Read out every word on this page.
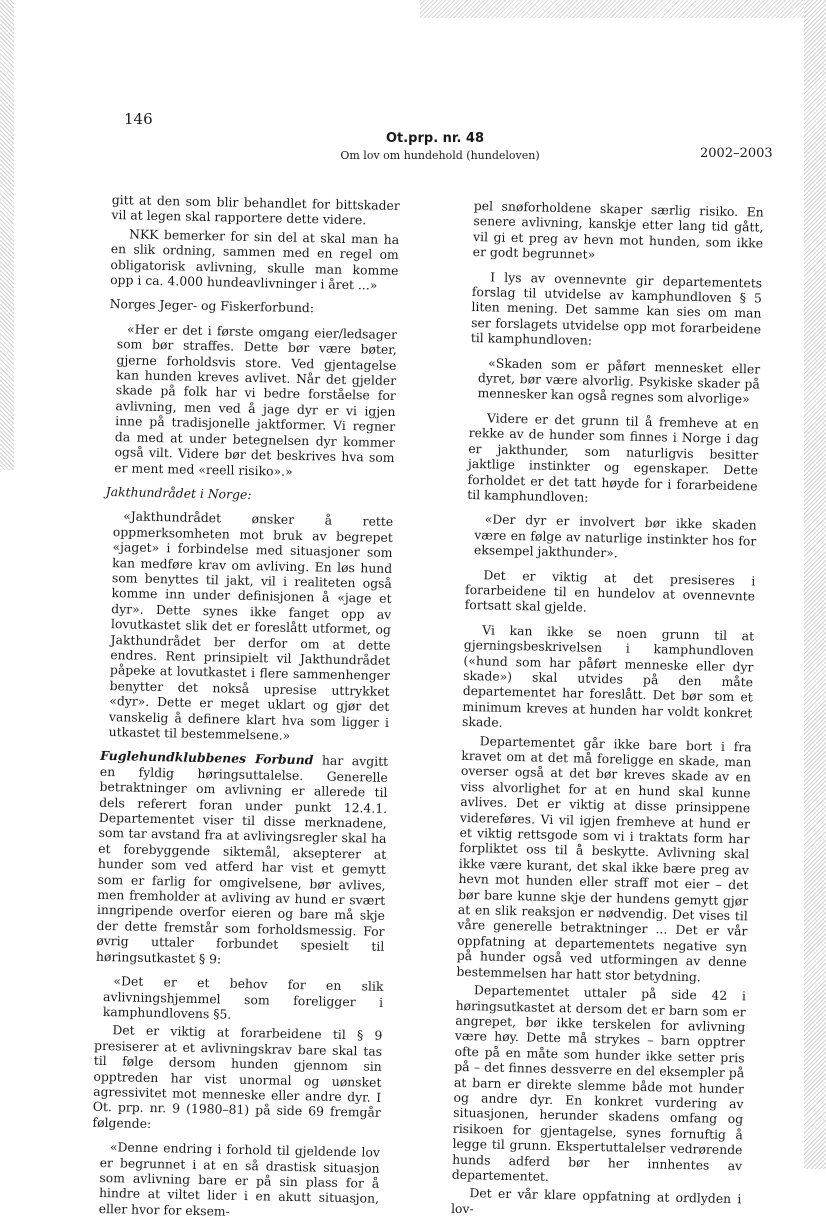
146
Ot.prp. nr. 48
Om lov om hundehold (hundeloven)	2002–2003

gitt at den som blir behandlet for bittskader vil at legen skal rapportere dette videre.

NKK bemerker for sin del at skal man ha en slik ordning, sammen med en regel om obligatorisk avlivning, skulle man komme opp i ca. 4.000 hundeavlivninger i året ...»

Norges Jeger- og Fiskerforbund:

«Her er det i første omgang eier/ledsager som bør straffes. Dette bør være bøter, gjerne forholdsvis store. Ved gjentagelse kan hunden kreves avlivet. Når det gjelder skade på folk har vi bedre forståelse for avlivning, men ved å jage dyr er vi igjen inne på tradisjonelle jaktformer. Vi regner da med at under betegnelsen dyr kommer også vilt. Videre bør det beskrives hva som er ment med «reell risiko».»

Jakthundrådet i Norge:

«Jakthundrådet ønsker å rette oppmerksomheten mot bruk av begrepet «jaget» i forbindelse med situasjoner som kan medføre krav om avliving. En løs hund som benyttes til jakt, vil i realiteten også komme inn under definisjonen å «jage et dyr». Dette synes ikke fanget opp av lovutkastet slik det er foreslått utformet, og Jakthundrådet ber derfor om at dette endres. Rent prinsipielt vil Jakthundrådet påpeke at lovutkastet i flere sammenhenger benytter det nokså upresise uttrykket «dyr». Dette er meget uklart og gjør det vanskelig å definere klart hva som ligger i utkastet til bestemmelsene.»

Fuglehundklubbenes Forbund har avgitt en fyldig høringsuttalelse. Generelle betraktninger om avlivning er allerede til dels referert foran under punkt 12.4.1. Departementet viser til disse merknadene, som tar avstand fra at avlivingsregler skal ha et forebyggende siktemål, aksepterer at hunder som ved atferd har vist et gemytt som er farlig for omgivelsene, bør avlives, men fremholder at avliving av hund er svært inngripende overfor eieren og bare må skje der dette fremstår som forholdsmessig. For øvrig uttaler forbundet spesielt til høringsutkastet § 9:

«Det er et behov for en slik avlivningshjemmel som foreligger i kamphundlovens §5.

Det er viktig at forarbeidene til § 9 presiserer at et avlivningskrav bare skal tas til følge dersom hunden gjennom sin opptreden har vist unormal og uønsket agressivitet mot menneske eller andre dyr. I Ot. prp. nr. 9 (1980–81) på side 69 fremgår følgende:

«Denne endring i forhold til gjeldende lov er begrunnet i at en så drastisk situasjon som avlivning bare er på sin plass for å hindre at viltet lider i en akutt situasjon, eller hvor for eksem-

pel snøforholdene skaper særlig risiko. En senere avlivning, kanskje etter lang tid gått, vil gi et preg av hevn mot hunden, som ikke er godt begrunnet»

I lys av ovennevnte gir departementets forslag til utvidelse av kamphundloven § 5 liten mening. Det samme kan sies om man ser forslagets utvidelse opp mot forarbeidene til kamphundloven:

«Skaden som er påført mennesket eller dyret, bør være alvorlig. Psykiske skader på mennesker kan også regnes som alvorlige»

Videre er det grunn til å fremheve at en rekke av de hunder som finnes i Norge i dag er jakthunder, som naturligvis besitter jaktlige instinkter og egenskaper. Dette forholdet er det tatt høyde for i forarbeidene til kamphundloven:

«Der dyr er involvert bør ikke skaden være en følge av naturlige instinkter hos for eksempel jakthunder».

Det er viktig at det presiseres i forarbeidene til en hundelov at ovennevnte fortsatt skal gjelde.

Vi kan ikke se noen grunn til at gjerningsbeskrivelsen i kamphundloven («hund som har påført menneske eller dyr skade») skal utvides på den måte departementet har foreslått. Det bør som et minimum kreves at hunden har voldt konkret skade.

Departementet går ikke bare bort i fra kravet om at det må foreligge en skade, man overser også at det bør kreves skade av en viss alvorlighet for at en hund skal kunne avlives. Det er viktig at disse prinsippene videreføres. Vi vil igjen fremheve at hund er et viktig rettsgode som vi i traktats form har forpliktet oss til å beskytte. Avlivning skal ikke være kurant, det skal ikke bære preg av hevn mot hunden eller straff mot eier – det bør bare kunne skje der hundens gemytt gjør at en slik reaksjon er nødvendig. Det vises til våre generelle betraktninger ... Det er vår oppfatning at departementets negative syn på hunder også ved utformingen av denne bestemmelsen har hatt stor betydning.

Departementet uttaler på side 42 i høringsutkastet at dersom det er barn som er angrepet, bør ikke terskelen for avlivning være høy. Dette må strykes – barn opptrer ofte på en måte som hunder ikke setter pris på – det finnes dessverre en del eksempler på at barn er direkte slemme både mot hunder og andre dyr. En konkret vurdering av situasjonen, herunder skadens omfang og risikoen for gjentagelse, synes fornuftig å legge til grunn. Ekspertuttalelser vedrørende hunds adferd bør her innhentes av departementet.

Det er vår klare oppfatning at ordlyden i lov-
